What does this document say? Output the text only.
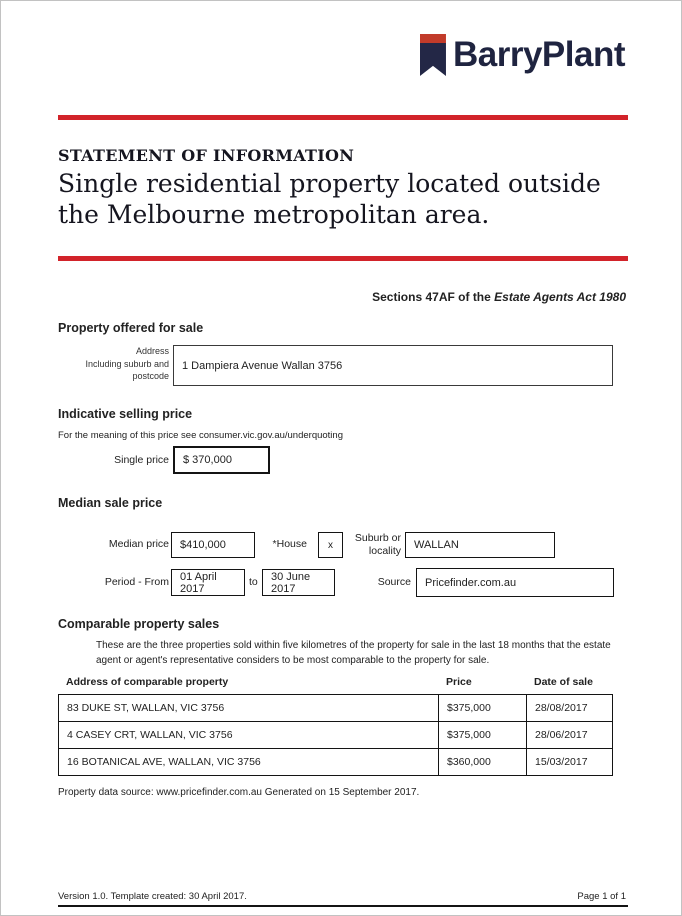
BarryPlant
STATEMENT OF INFORMATION
Single residential property located outside
the Melbourne metropolitan area.
Sections 47AF of the Estate Agents Act 1980
Property offered for sale
Address
Including suburb and
postcode
1 Dampiera Avenue Wallan 3756
Indicative selling price
For the meaning of this price see consumer.vic.gov.au/underquoting
Single price	$ 370,000
Median sale price
Median price	$410,000	*House	x
Suburb or
locality	WALLAN
Period - From	01 April 2017
to	30 June 2017
Source	Pricefinder.com.au
Comparable property sales
These are the three properties sold within five kilometres of the property for sale in the last 18 months that the estate agent or agent's representative considers to be most comparable to the property for sale.
Address of comparable property	Price	Date of sale
83 DUKE ST, WALLAN, VIC 3756	$375,000	28/08/2017
4 CASEY CRT, WALLAN, VIC 3756	$375,000	28/06/2017
16 BOTANICAL AVE, WALLAN, VIC 3756	$360,000	15/03/2017
Property data source: www.pricefinder.com.au Generated on 15 September 2017.
Version 1.0. Template created: 30 April 2017.	Page 1 of 1
